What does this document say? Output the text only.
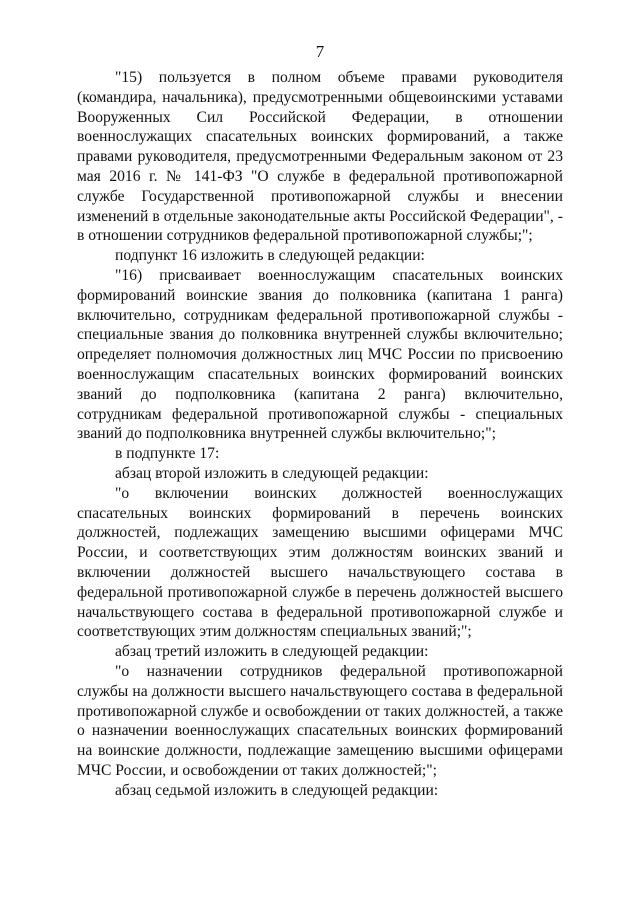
7

"15) пользуется в полном объеме правами руководителя (командира, начальника), предусмотренными общевоинскими уставами Вооруженных Сил Российской Федерации, в отношении военнослужащих спасательных воинских формирований, а также правами руководителя, предусмотренными Федеральным законом от 23 мая 2016 г. № 141-ФЗ "О службе в федеральной противопожарной службе Государственной противопожарной службы и внесении изменений в отдельные законодательные акты Российской Федерации", - в отношении сотрудников федеральной противопожарной службы;";

подпункт 16 изложить в следующей редакции:

"16) присваивает военнослужащим спасательных воинских формирований воинские звания до полковника (капитана 1 ранга) включительно, сотрудникам федеральной противопожарной службы - специальные звания до полковника внутренней службы включительно; определяет полномочия должностных лиц МЧС России по присвоению военнослужащим спасательных воинских формирований воинских званий до подполковника (капитана 2 ранга) включительно, сотрудникам федеральной противопожарной службы - специальных званий до подполковника внутренней службы включительно;";

в подпункте 17:

абзац второй изложить в следующей редакции:

"о включении воинских должностей военнослужащих спасательных воинских формирований в перечень воинских должностей, подлежащих замещению высшими офицерами МЧС России, и соответствующих этим должностям воинских званий и включении должностей высшего начальствующего состава в федеральной противопожарной службе в перечень должностей высшего начальствующего состава в федеральной противопожарной службе и соответствующих этим должностям специальных званий;";

абзац третий изложить в следующей редакции:

"о назначении сотрудников федеральной противопожарной службы на должности высшего начальствующего состава в федеральной противопожарной службе и освобождении от таких должностей, а также о назначении военнослужащих спасательных воинских формирований на воинские должности, подлежащие замещению высшими офицерами МЧС России, и освобождении от таких должностей;";

абзац седьмой изложить в следующей редакции:
